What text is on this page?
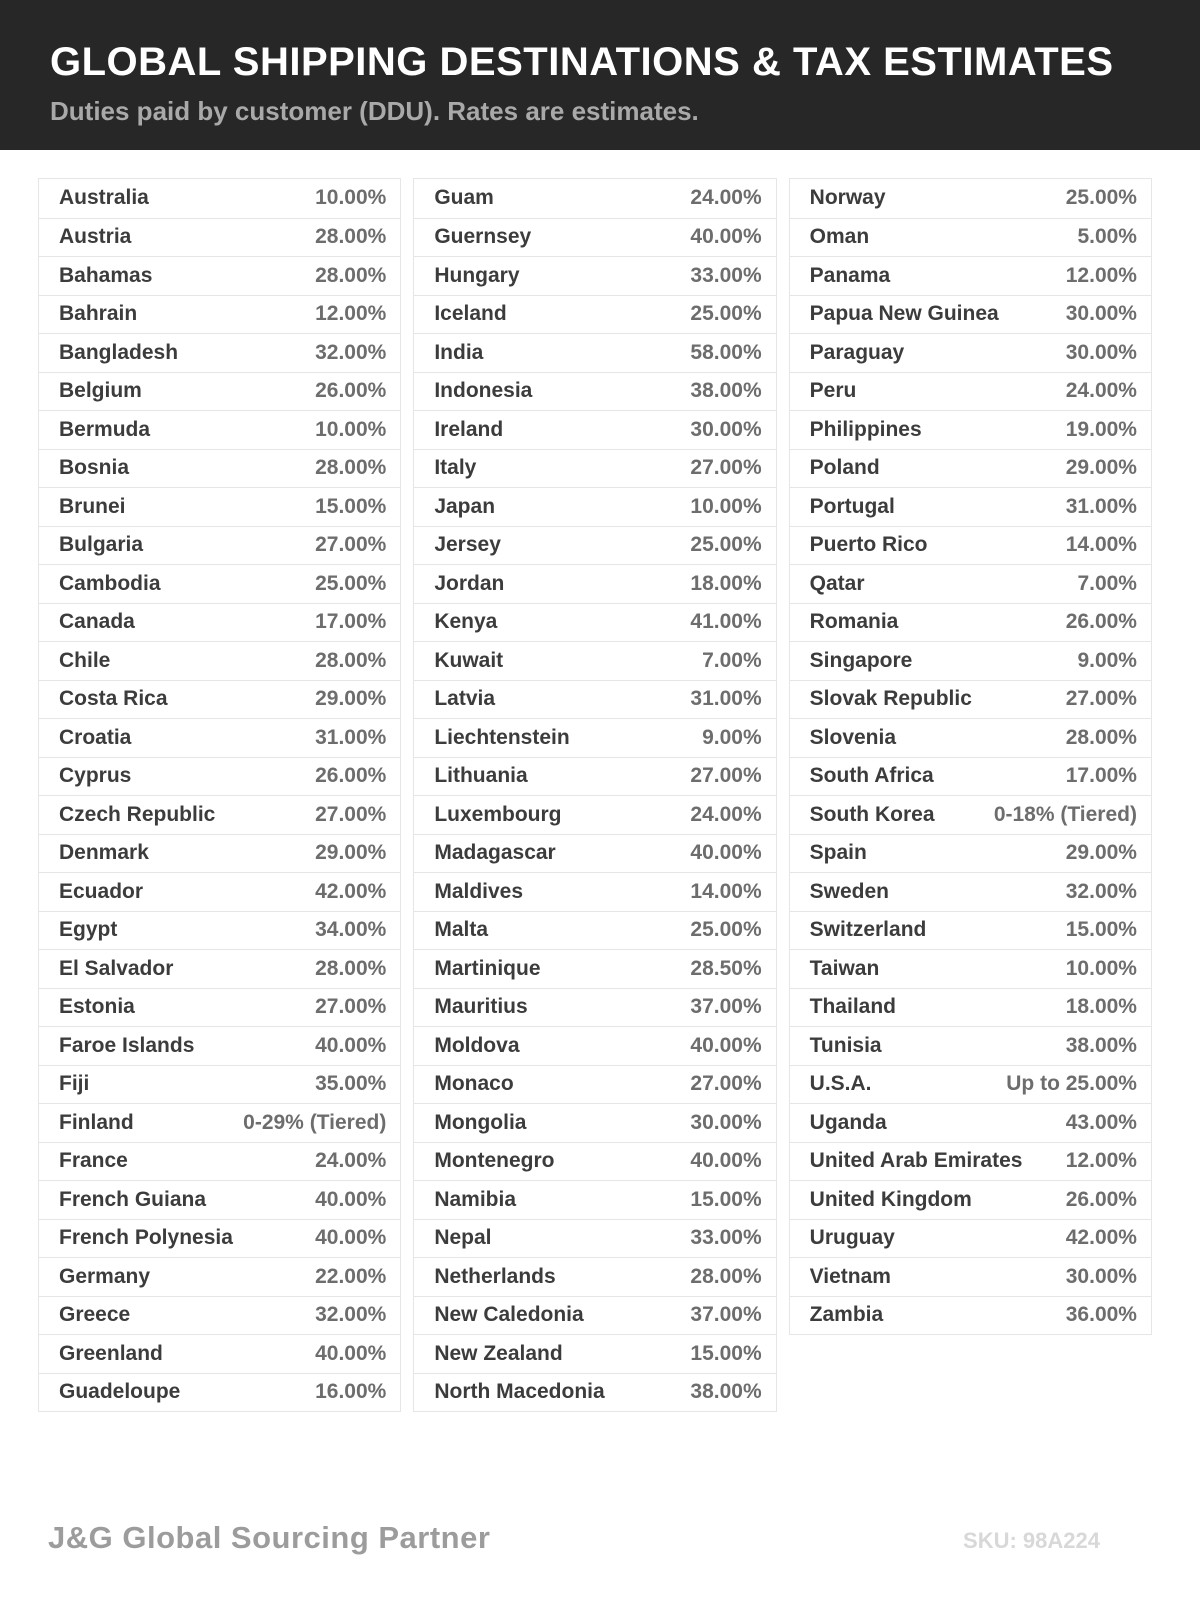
GLOBAL SHIPPING DESTINATIONS & TAX ESTIMATES

Duties paid by customer (DDU). Rates are estimates.

Australia	10.00%
Austria	28.00%
Bahamas	28.00%
Bahrain	12.00%
Bangladesh	32.00%
Belgium	26.00%
Bermuda	10.00%
Bosnia	28.00%
Brunei	15.00%
Bulgaria	27.00%
Cambodia	25.00%
Canada	17.00%
Chile	28.00%
Costa Rica	29.00%
Croatia	31.00%
Cyprus	26.00%
Czech Republic	27.00%
Denmark	29.00%
Ecuador	42.00%
Egypt	34.00%
El Salvador	28.00%
Estonia	27.00%
Faroe Islands	40.00%
Fiji	35.00%
Finland	0-29% (Tiered)
France	24.00%
French Guiana	40.00%
French Polynesia	40.00%
Germany	22.00%
Greece	32.00%
Greenland	40.00%
Guadeloupe	16.00%
Guam	24.00%
Guernsey	40.00%
Hungary	33.00%
Iceland	25.00%
India	58.00%
Indonesia	38.00%
Ireland	30.00%
Italy	27.00%
Japan	10.00%
Jersey	25.00%
Jordan	18.00%
Kenya	41.00%
Kuwait	7.00%
Latvia	31.00%
Liechtenstein	9.00%
Lithuania	27.00%
Luxembourg	24.00%
Madagascar	40.00%
Maldives	14.00%
Malta	25.00%
Martinique	28.50%
Mauritius	37.00%
Moldova	40.00%
Monaco	27.00%
Mongolia	30.00%
Montenegro	40.00%
Namibia	15.00%
Nepal	33.00%
Netherlands	28.00%
New Caledonia	37.00%
New Zealand	15.00%
North Macedonia	38.00%
Norway	25.00%
Oman	5.00%
Panama	12.00%
Papua New Guinea	30.00%
Paraguay	30.00%
Peru	24.00%
Philippines	19.00%
Poland	29.00%
Portugal	31.00%
Puerto Rico	14.00%
Qatar	7.00%
Romania	26.00%
Singapore	9.00%
Slovak Republic	27.00%
Slovenia	28.00%
South Africa	17.00%
South Korea	0-18% (Tiered)
Spain	29.00%
Sweden	32.00%
Switzerland	15.00%
Taiwan	10.00%
Thailand	18.00%
Tunisia	38.00%
U.S.A.	Up to 25.00%
Uganda	43.00%
United Arab Emirates 12.00%
United Kingdom	26.00%
Uruguay	42.00%
Vietnam	30.00%
Zambia	36.00%
J&G Global Sourcing Partner	SKU: 98A224
